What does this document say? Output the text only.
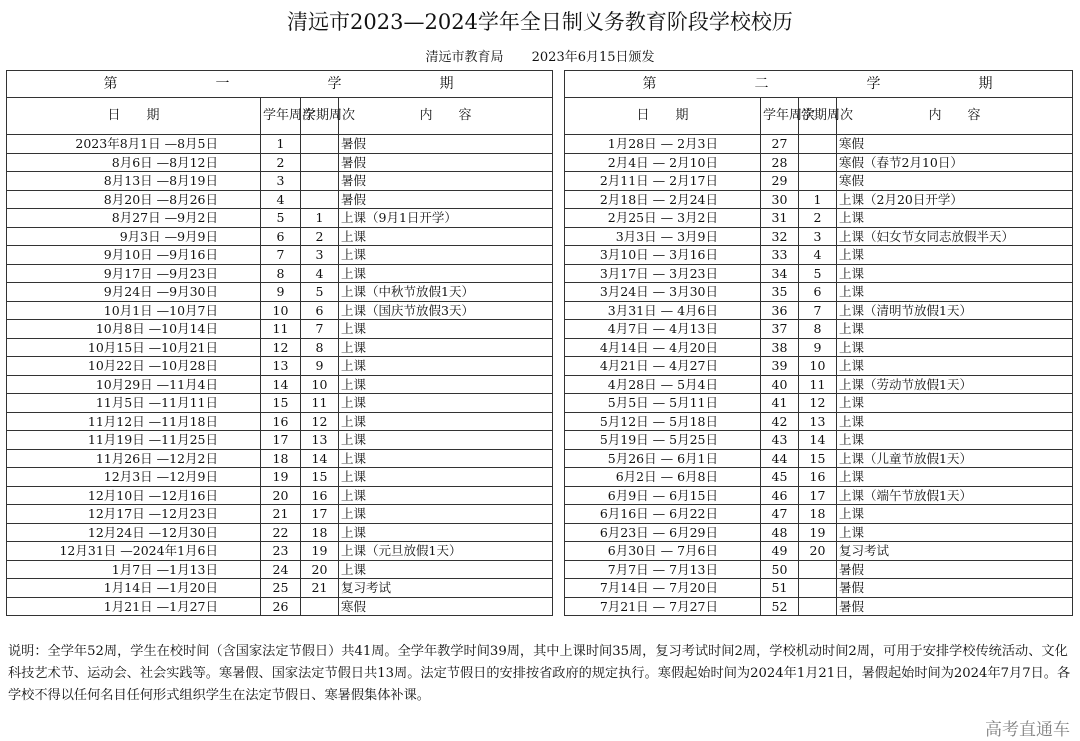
清远市2023—2024学年全日制义务教育阶段学校校历
清远市教育局 2023年6月15日颁发
第 一 学 期			
日　　期	学年周次	学期周次	内　　容
2023年8月1日 —8月5日	1		暑假
8月6日 —8月12日	2		暑假
8月13日 —8月19日	3		暑假
8月20日 —8月26日	4		暑假
8月27日 —9月2日	5	1	上课（9月1日开学）
9月3日 —9月9日	6	2	上课
9月10日 —9月16日	7	3	上课
9月17日 —9月23日	8	4	上课
9月24日 —9月30日	9	5	上课（中秋节放假1天）
10月1日 —10月7日	10	6	上课（国庆节放假3天）
10月8日 —10月14日	11	7	上课
10月15日 —10月21日	12	8	上课
10月22日 —10月28日	13	9	上课
10月29日 —11月4日	14	10	上课
11月5日 —11月11日	15	11	上课
11月12日 —11月18日	16	12	上课
11月19日 —11月25日	17	13	上课
11月26日 —12月2日	18	14	上课
12月3日 —12月9日	19	15	上课
12月10日 —12月16日	20	16	上课
12月17日 —12月23日	21	17	上课
12月24日 —12月30日	22	18	上课
12月31日 —2024年1月6日	23	19	上课（元旦放假1天）
1月7日 —1月13日	24	20	上课
1月14日 —1月20日	25	21	复习考试
1月21日 —1月27日	26		寒假
第 二 学 期			
日　　期	学年周次	学期周次	内　　容
1月28日 — 2月3日	27		寒假
2月4日 — 2月10日	28		寒假（春节2月10日）
2月11日 — 2月17日	29		寒假
2月18日 — 2月24日	30	1	上课（2月20日开学）
2月25日 — 3月2日	31	2	上课
3月3日 — 3月9日	32	3	上课（妇女节女同志放假半天）
3月10日 — 3月16日	33	4	上课
3月17日 — 3月23日	34	5	上课
3月24日 — 3月30日	35	6	上课
3月31日 — 4月6日	36	7	上课（清明节放假1天）
4月7日 — 4月13日	37	8	上课
4月14日 — 4月20日	38	9	上课
4月21日 — 4月27日	39	10	上课
4月28日 — 5月4日	40	11	上课（劳动节放假1天）
5月5日 — 5月11日	41	12	上课
5月12日 — 5月18日	42	13	上课
5月19日 — 5月25日	43	14	上课
5月26日 — 6月1日	44	15	上课（儿童节放假1天）
6月2日 — 6月8日	45	16	上课
6月9日 — 6月15日	46	17	上课（端午节放假1天）
6月16日 — 6月22日	47	18	上课
6月23日 — 6月29日	48	19	上课
6月30日 — 7月6日	49	20	复习考试
7月7日 — 7月13日	50		暑假
7月14日 — 7月20日	51		暑假
7月21日 — 7月27日	52		暑假
说明：全学年52周，学生在校时间（含国家法定节假日）共41周。全学年教学时间39周，其中上课时间35周，复习考试时间2周，学校机动时间2周，可用于安排学校传统活动、文化科技艺术节、运动会、社会实践等。寒暑假、国家法定节假日共13周。法定节假日的安排按省政府的规定执行。寒假起始时间为2024年1月21日，暑假起始时间为2024年7月7日。各学校不得以任何名目任何形式组织学生在法定节假日、寒暑假集体补课。
高考直通车
